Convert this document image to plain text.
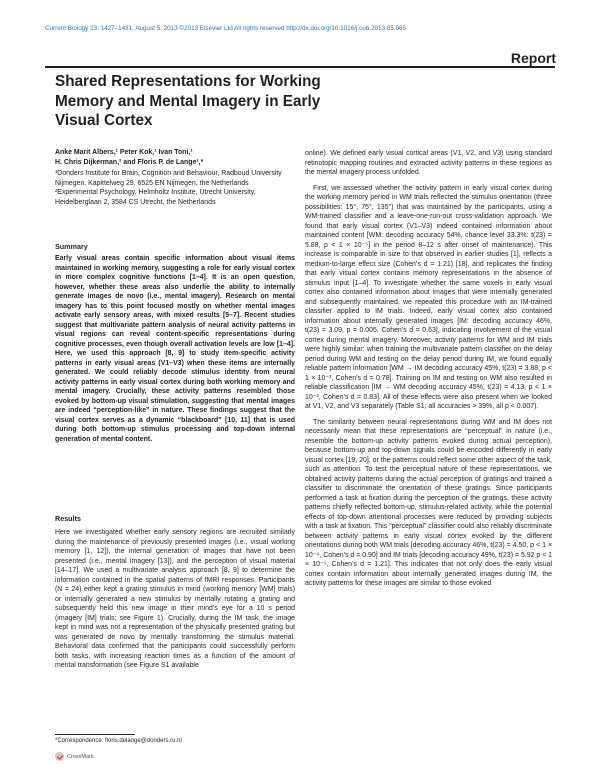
Current Biology 23, 1427–1431, August 5, 2013 ©2013 Elsevier Ltd All rights reserved http://dx.doi.org/10.1016/j.cub.2013.05.065
Report
Shared Representations for Working Memory and Mental Imagery in Early Visual Cortex
Anke Marit Albers,¹ Peter Kok,¹ Ivan Toni,¹
H. Chris Dijkerman,² and Floris P. de Lange¹,*

¹Donders Institute for Brain, Cognition and Behaviour, Radboud University Nijmegen, Kapittelweg 29, 6525 EN Nijmegen, the Netherlands

²Experimental Psychology, Helmholtz Institute, Utrecht University, Heidelberglaan 2, 3584 CS Utrecht, the Netherlands

Summary
Early visual areas contain specific information about visual items maintained in working memory, suggesting a role for early visual cortex in more complex cognitive functions [1–4]. It is an open question, however, whether these areas also underlie the ability to internally generate images de novo (i.e., mental imagery). Research on mental imagery has to this point focused mostly on whether mental images activate early sensory areas, with mixed results [5–7]. Recent studies suggest that multivariate pattern analysis of neural activity patterns in visual regions can reveal content-specific representations during cognitive processes, even though overall activation levels are low [1–4]. Here, we used this approach [8, 9] to study item-specific activity patterns in early visual areas (V1–V3) when these items are internally generated. We could reliably decode stimulus identity from neural activity patterns in early visual cortex during both working memory and mental imagery. Crucially, these activity patterns resembled those evoked by bottom-up visual stimulation, suggesting that mental images are indeed “perception-like” in nature. These findings suggest that the visual cortex serves as a dynamic “blackboard” [10, 11] that is used during both bottom-up stimulus processing and top-down internal generation of mental content.
Results

Here we investigated whether early sensory regions are recruited similarly during the maintenance of previously presented images (i.e., visual working memory [1, 12]), the internal generation of images that have not been presented (i.e., mental imagery [13]), and the perception of visual material [14–17]. We used a multivariate analysis approach [8, 9] to determine the information contained in the spatial patterns of fMRI responses. Participants (N = 24) either kept a grating stimulus in mind (working memory [WM] trials) or internally generated a new stimulus by mentally rotating a grating and subsequently held this new image in their mind’s eye for a 10 s period (imagery [IM] trials; see Figure 1). Crucially, during the IM task, the image kept in mind was not a representation of the physically presented grating but was generated de novo by mentally transforming the stimulus material. Behavioral data confirmed that the participants could successfully perform both tasks, with increasing reaction times as a function of the amount of mental transformation (see Figure S1 available

online). We defined early visual cortical areas (V1, V2, and V3) using standard retinotopic mapping routines and extracted activity patterns in these regions as the mental imagery process unfolded.

First, we assessed whether the activity pattern in early visual cortex during the working memory period in WM trials reflected the stimulus orientation (three possibilities: 15°, 75°, 135°) that was maintained by the participants, using a WM-trained classifier and a leave-one-run-out cross-validation approach. We found that early visual cortex (V1–V3) indeed contained information about maintained content [WM: decoding accuracy 54%, chance level 33.3%: t(23) = 5.88, p < 1 × 10⁻⁵] in the period 8–12 s after onset of maintenance). This increase is comparable in size to that observed in earlier studies [1], reflects a medium-to-large effect size (Cohen’s d = 1.21) [18], and replicates the finding that early visual cortex contains memory representations in the absence of stimulus input [1–4]. To investigate whether the same voxels in early visual cortex also contained information about images that were internally generated and subsequently maintained, we repeated this procedure with an IM-trained classifier applied to IM trials. Indeed, early visual cortex also contained information about internally generated images [IM: decoding accuracy 46%, t(23) = 3.09, p = 0.005, Cohen’s d = 0.63], indicating involvement of the visual cortex during mental imagery. Moreover, activity patterns for WM and IM trials were highly similar: when training the multivariate pattern classifier on the delay period during WM and testing on the delay period during IM, we found equally reliable pattern information [WM → IM decoding accuracy 45%, t(23) = 3.88, p < 1 × 10⁻³, Cohen’s d = 0.78]. Training on IM and testing on WM also resulted in reliable classification [IM → WM decoding accuracy 45%, t(23) = 4.13, p < 1 × 10⁻³, Cohen’s d = 0.83]. All of these effects were also present when we looked at V1, V2, and V3 separately (Table S1; all accuracies > 39%, all p < 0.007).

The similarity between neural representations during WM and IM does not necessarily mean that these representations are “perceptual” in nature (i.e., resemble the bottom-up activity patterns evoked during actual perception), because bottom-up and top-down signals could be encoded differently in early visual cortex [19, 20], or the patterns could reflect some other aspect of the task, such as attention. To test the perceptual nature of these representations, we obtained activity patterns during the actual perception of gratings and trained a classifier to discriminate the orientation of these gratings. Since participants performed a task at fixation during the perception of the gratings, these activity patterns chiefly reflected bottom-up, stimulus-related activity, while the potential effects of top-down attentional processes were reduced by providing subjects with a task at fixation. This “perceptual” classifier could also reliably discriminate between activity patterns in early visual cortex evoked by the different orientations during both WM trials [decoding accuracy 46%, t(23) = 4.50, p < 1 × 10⁻⁴, Cohen’s d = 0.90] and IM trials [decoding accuracy 49%, t(23) = 5.92 p < 1 × 10⁻⁵, Cohen’s d = 1.21]. This indicates that not only does the early visual cortex contain information about internally generated images during IM, the activity patterns for these images are similar to those evoked

*Correspondence: floris.delange@donders.ru.nl
CrossMark
